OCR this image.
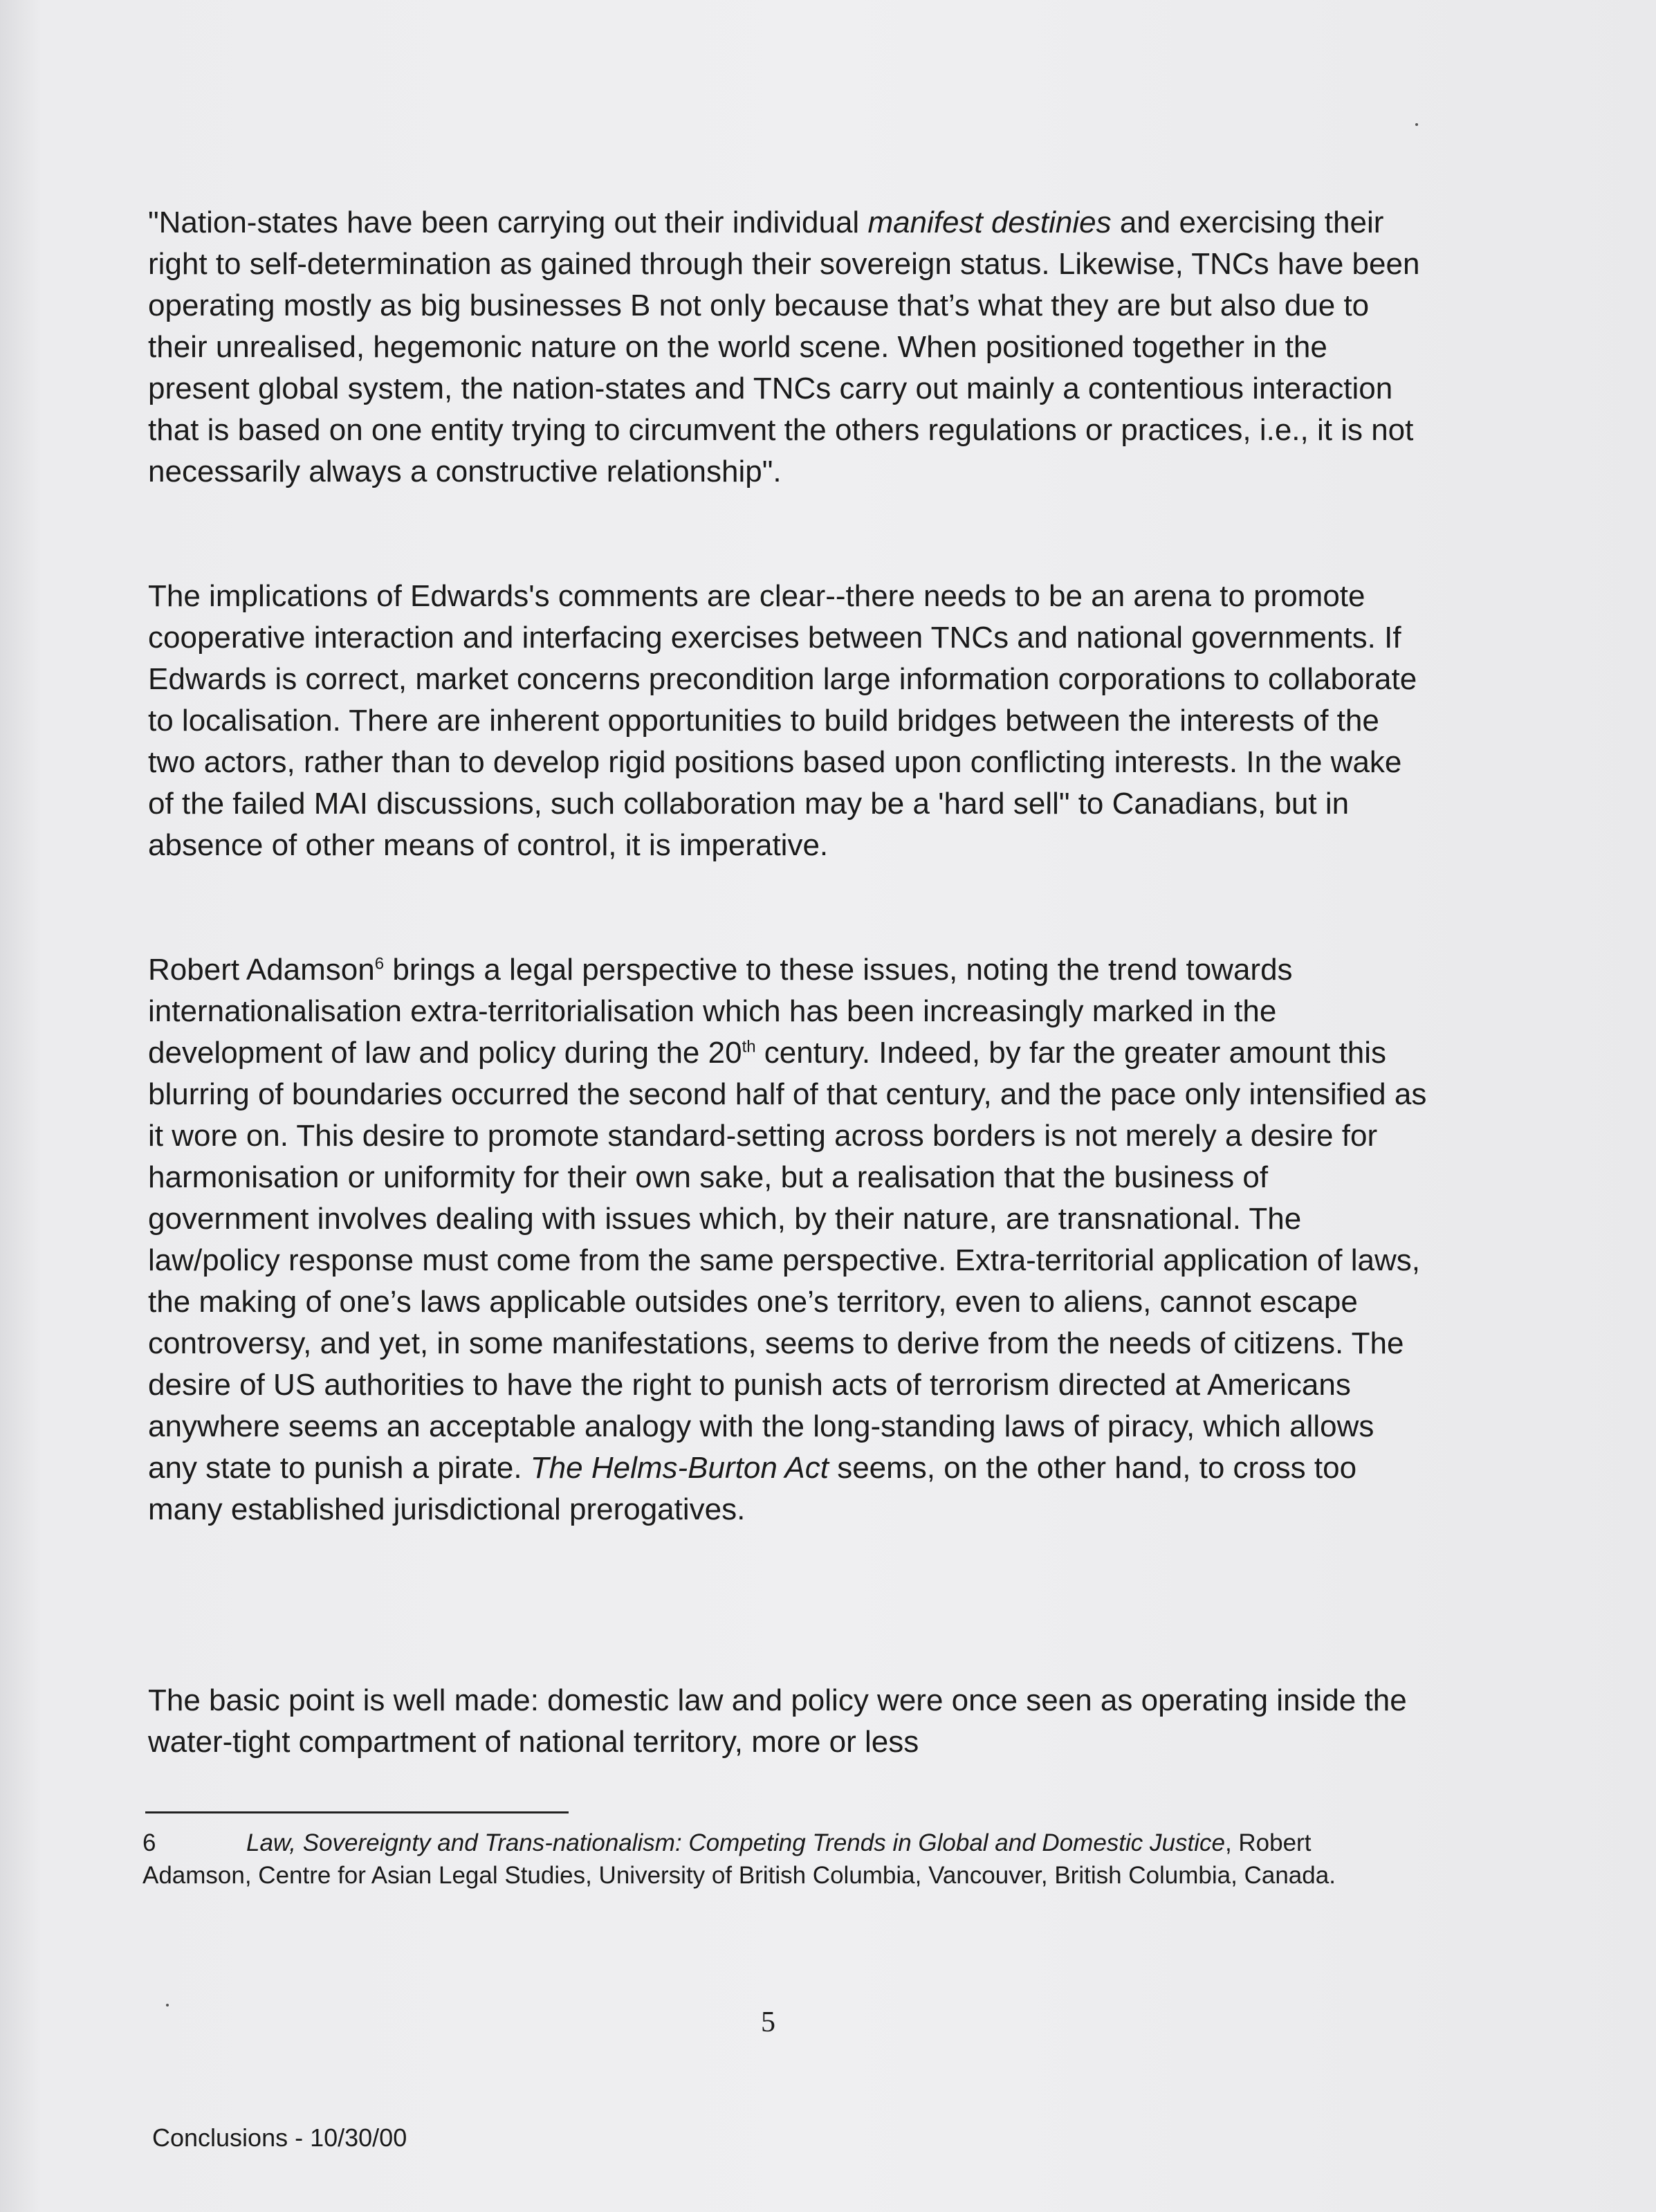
"Nation-states have been carrying out their individual manifest destinies and exercising their right to self-determination as gained through their sovereign status. Likewise, TNCs have been operating mostly as big businesses B not only because that’s what they are but also due to their unrealised, hegemonic nature on the world scene. When positioned together in the present global system, the nation-states and TNCs carry out mainly a contentious interaction that is based on one entity trying to circumvent the others regulations or practices, i.e., it is not necessarily always a constructive relationship".

The implications of Edwards's comments are clear--there needs to be an arena to promote cooperative interaction and interfacing exercises between TNCs and national governments. If Edwards is correct, market concerns precondition large information corporations to collaborate to localisation. There are inherent opportunities to build bridges between the interests of the two actors, rather than to develop rigid positions based upon conflicting interests. In the wake of the failed MAI discussions, such collaboration may be a 'hard sell" to Canadians, but in absence of other means of control, it is imperative.

Robert Adamson$^6$ brings a legal perspective to these issues, noting the trend towards internationalisation extra-territorialisation which has been increasingly marked in the development of law and policy during the 20th century. Indeed, by far the greater amount this blurring of boundaries occurred the second half of that century, and the pace only intensified as it wore on. This desire to promote standard-setting across borders is not merely a desire for harmonisation or uniformity for their own sake, but a realisation that the business of government involves dealing with issues which, by their nature, are transnational. The law/policy response must come from the same perspective. Extra-territorial application of laws, the making of one’s laws applicable outsides one’s territory, even to aliens, cannot escape controversy, and yet, in some manifestations, seems to derive from the needs of citizens. The desire of US authorities to have the right to punish acts of terrorism directed at Americans anywhere seems an acceptable analogy with the long-standing laws of piracy, which allows any state to punish a pirate. The Helms-Burton Act seems, on the other hand, to cross too many established jurisdictional prerogatives.

The basic point is well made: domestic law and policy were once seen as operating inside the water-tight compartment of national territory, more or less

6	Law, Sovereignty and Trans-nationalism: Competing Trends in Global and Domestic Justice, Robert Adamson, Centre for Asian Legal Studies, University of British Columbia, Vancouver, British Columbia, Canada.

5
Conclusions - 10/30/00
